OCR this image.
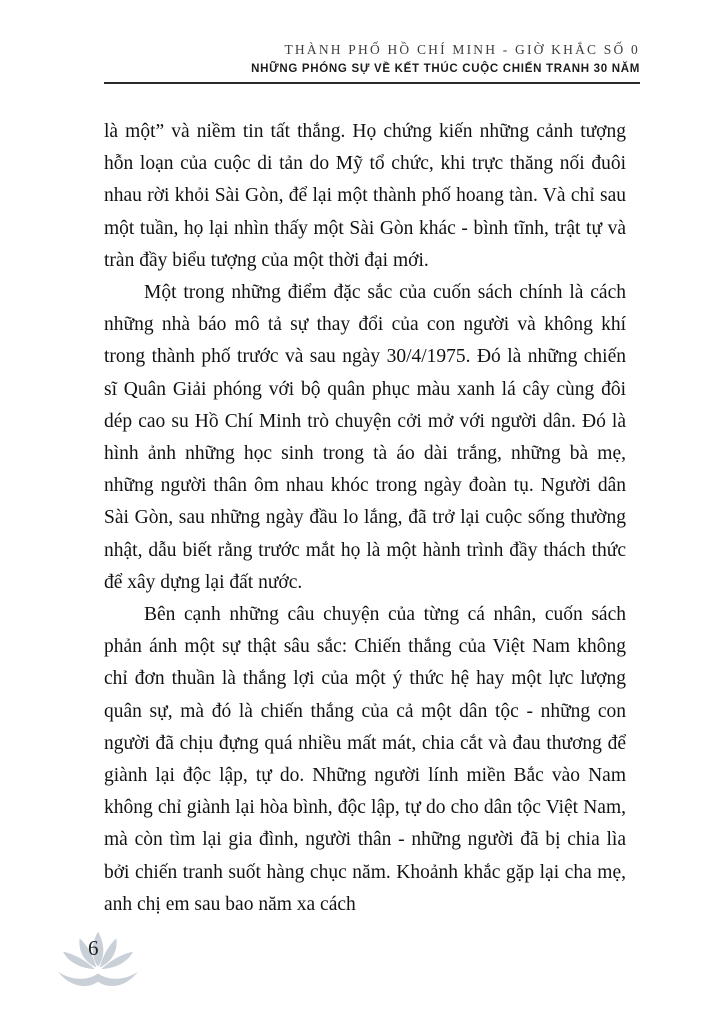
THÀNH PHỐ HỒ CHÍ MINH - GIỜ KHẮC SỐ 0
NHỮNG PHÓNG SỰ VỀ KẾT THÚC CUỘC CHIẾN TRANH 30 NĂM

là một” và niềm tin tất thắng. Họ chứng kiến những cảnh tượng hỗn loạn của cuộc di tản do Mỹ tổ chức, khi trực thăng nối đuôi nhau rời khỏi Sài Gòn, để lại một thành phố hoang tàn. Và chỉ sau một tuần, họ lại nhìn thấy một Sài Gòn khác - bình tĩnh, trật tự và tràn đầy biểu tượng của một thời đại mới.

Một trong những điểm đặc sắc của cuốn sách chính là cách những nhà báo mô tả sự thay đổi của con người và không khí trong thành phố trước và sau ngày 30/4/1975. Đó là những chiến sĩ Quân Giải phóng với bộ quân phục màu xanh lá cây cùng đôi dép cao su Hồ Chí Minh trò chuyện cởi mở với người dân. Đó là hình ảnh những học sinh trong tà áo dài trắng, những bà mẹ, những người thân ôm nhau khóc trong ngày đoàn tụ. Người dân Sài Gòn, sau những ngày đầu lo lắng, đã trở lại cuộc sống thường nhật, dẫu biết rằng trước mắt họ là một hành trình đầy thách thức để xây dựng lại đất nước.

Bên cạnh những câu chuyện của từng cá nhân, cuốn sách phản ánh một sự thật sâu sắc: Chiến thắng của Việt Nam không chỉ đơn thuần là thắng lợi của một ý thức hệ hay một lực lượng quân sự, mà đó là chiến thắng của cả một dân tộc - những con người đã chịu đựng quá nhiều mất mát, chia cắt và đau thương để giành lại độc lập, tự do. Những người lính miền Bắc vào Nam không chỉ giành lại hòa bình, độc lập, tự do cho dân tộc Việt Nam, mà còn tìm lại gia đình, người thân - những người đã bị chia lìa bởi chiến tranh suốt hàng chục năm. Khoảnh khắc gặp lại cha mẹ, anh chị em sau bao năm xa cách

6
